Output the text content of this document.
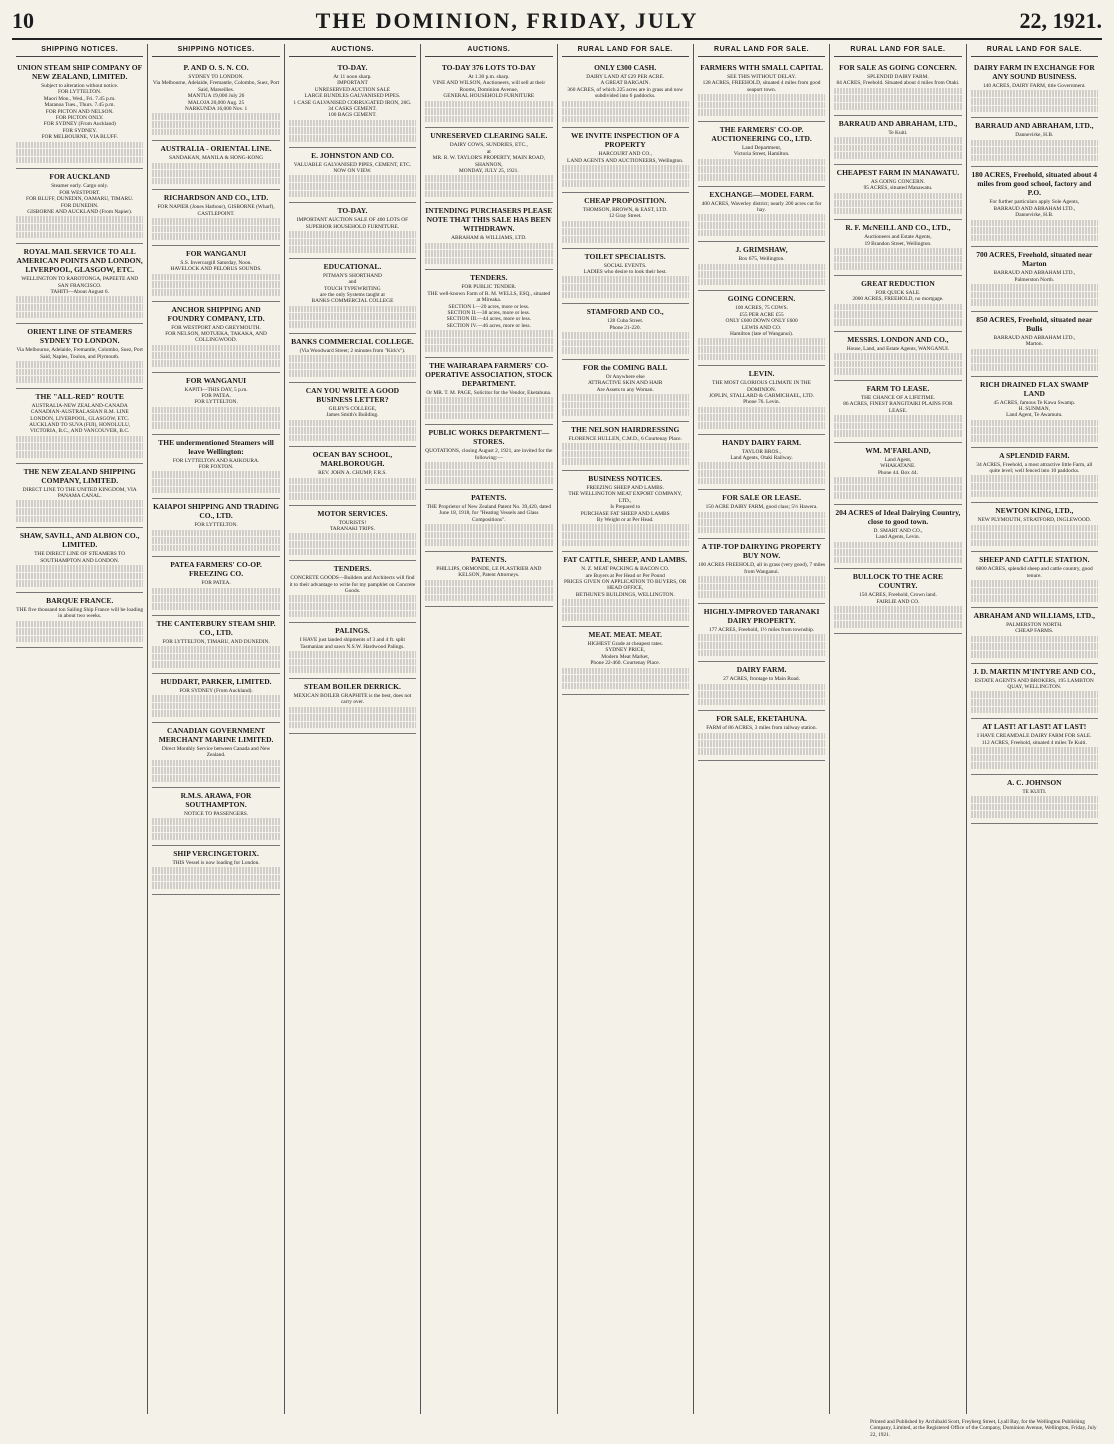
10	THE DOMINION, FRIDAY, JULY	22, 1921.
SHIPPING NOTICES.
UNION STEAM SHIP COMPANY OF NEW ZEALAND, LIMITED.
Subject to alteration without notice.
FOR LYTTELTON.
Maori Mon., Wed., Fri. 7.45 p.m.
Maranoa Tues., Thurs. 7.45 p.m.
FOR PICTON AND NELSON.
FOR PICTON ONLY.
FOR SYDNEY (From Auckland)
FOR SYDNEY.
FOR MELBOURNE, VIA BLUFF.
FOR AUCKLAND
Steamer early. Cargo only.
FOR WESTPORT.
FOR BLUFF, DUNEDIN, OAMARU, TIMARU.
FOR DUNEDIN.
GISBORNE AND AUCKLAND (From Napier).
ROYAL MAIL SERVICE TO ALL AMERICAN POINTS AND LONDON, LIVERPOOL, GLASGOW, ETC.
WELLINGTON TO RAROTONGA, PAPEETE AND SAN FRANCISCO.
TAHITI—About August 6.
ORIENT LINE OF STEAMERS SYDNEY TO LONDON.
Via Melbourne, Adelaide, Fremantle, Colombo, Suez, Port Said, Naples, Toulon, and Plymouth.
THE "ALL-RED" ROUTE
AUSTRALIA-NEW ZEALAND-CANADA
CANADIAN-AUSTRALASIAN R.M. LINE
LONDON, LIVERPOOL, GLASGOW, ETC.
AUCKLAND TO SUVA (FIJI), HONOLULU, VICTORIA, B.C., AND VANCOUVER, B.C.
THE NEW ZEALAND SHIPPING COMPANY, LIMITED.
DIRECT LINE TO THE UNITED KINGDOM, VIA PANAMA CANAL.
SHAW, SAVILL, AND ALBION CO., LIMITED.
THE DIRECT LINE OF STEAMERS TO SOUTHAMPTON AND LONDON.
BARQUE FRANCE.
THE five thousand ton Sailing Ship France will be loading in about two weeks.
SHIPPING NOTICES.
P. AND O. S. N. CO.
SYDNEY TO LONDON.
Via Melbourne, Adelaide, Fremantle, Colombo, Suez, Port Said, Marseilles.
MANTUA 19,000 July 26
MALOJA 20,000 Aug. 25
NARKUNDA 16,000 Nov. 1
AUSTRALIA - ORIENTAL LINE.
SANDAKAN, MANILA & HONG-KONG
RICHARDSON AND CO., LTD.
FOR NAPIER (Jones Harbour), GISBORNE (Wharf), CASTLEPOINT.
FOR WANGANUI
S.S. Invercargill Saturday, Noon.
HAVELOCK AND PELORUS SOUNDS.
ANCHOR SHIPPING AND FOUNDRY COMPANY, LTD.
FOR WESTPORT AND GREYMOUTH.
FOR NELSON, MOTUEKA, TAKAKA, AND COLLINGWOOD.
FOR WANGANUI
KAPITI—THIS DAY, 5 p.m.
FOR PATEA.
FOR LYTTELTON.
THE undermentioned Steamers will leave Wellington:
FOR LYTTELTON AND KAIKOURA.
FOR FOXTON.
KAIAPOI SHIPPING AND TRADING CO., LTD.
FOR LYTTELTON.
PATEA FARMERS' CO-OP. FREEZING CO.
FOR PATEA.
THE CANTERBURY STEAM SHIP. CO., LTD.
FOR LYTTELTON, TIMARU, AND DUNEDIN.
HUDDART, PARKER, LIMITED.
FOR SYDNEY (From Auckland).
CANADIAN GOVERNMENT MERCHANT MARINE LIMITED.
Direct Monthly Service between Canada and New Zealand.
R.M.S. ARAWA, FOR SOUTHAMPTON.
NOTICE TO PASSENGERS.
SHIP VERCINGETORIX.
THIS Vessel is now loading for London.
AUCTIONS.
TO-DAY.
At 11 noon sharp.
IMPORTANT
UNRESERVED AUCTION SALE
LARGE BUNDLES GALVANISED PIPES.
1 CASE GALVANISED CORRUGATED IRON, 26G.
34 CASKS CEMENT.
100 BAGS CEMENT.
E. JOHNSTON AND CO.
VALUABLE GALVANISED PIPES, CEMENT, ETC.
NOW ON VIEW.
TO-DAY.
IMPORTANT AUCTION SALE OF 400 LOTS OF SUPERIOR HOUSEHOLD FURNITURE.
EDUCATIONAL.
PITMAN'S SHORTHAND
and
TOUCH TYPEWRITING
are the only Systems taught at
BANKS COMMERCIAL COLLEGE
BANKS COMMERCIAL COLLEGE.
(Via Woodward Street; 2 minutes from "Kirk's").
CAN YOU WRITE A GOOD BUSINESS LETTER?
GILBY'S COLLEGE,
James Smith's Building.
OCEAN BAY SCHOOL, MARLBOROUGH.
REV. JOHN A. CHUMP, F.R.S.
MOTOR SERVICES.
TOURISTS!
TARANAKI TRIPS.
TENDERS.
CONCRETE GOODS—Builders and Architects will find it to their advantage to write for my pamphlet on Concrete Goods.
PALINGS.
I HAVE just landed shipments of 3 and 4 ft. split Tasmanian and sawn N.S.W. Hardwood Palings.
STEAM BOILER DERRICK.
MEXICAN BOILER GRAPHITE is the best, does not carry over.
AUCTIONS.
TO-DAY 376 LOTS TO-DAY
At 1.30 p.m. sharp.
VINE AND WILSON, Auctioneers, will sell at their Rooms, Dominion Avenue,
GENERAL HOUSEHOLD FURNITURE
UNRESERVED CLEARING SALE.
DAIRY COWS, SUNDRIES, ETC.,
at
MR. R. W. TAYLOR'S PROPERTY, MAIN ROAD, SHANNON,
MONDAY, JULY 25, 1921.
INTENDING PURCHASERS PLEASE NOTE THAT THIS SALE HAS BEEN WITHDRAWN.
ABRAHAM & WILLIAMS, LTD.
TENDERS.
FOR PUBLIC TENDER.
THE well-known Farm of R. M. WELLS, ESQ., situated at Mireaka.
SECTION I.—20 acres, more or less.
SECTION II.—38 acres, more or less.
SECTION III.—44 acres, more or less.
SECTION IV.—46 acres, more or less.
THE WAIRARAPA FARMERS' CO-OPERATIVE ASSOCIATION, STOCK DEPARTMENT.
Or MR. T. M. PAGE, Solicitor for the Vendor, Eketahuna.
PUBLIC WORKS DEPARTMENT—STORES.
QUOTATIONS, closing August 2, 1921, are invited for the following:—
PATENTS.
THE Proprietor of New Zealand Patent No. 39,420, dated June 18, 1918, for "Heating Vessels and Glass Compositions".
PATENTS.
PHILLIPS, ORMONDE, LE PLASTRIER AND KELSON, Patent Attorneys.
RURAL LAND FOR SALE.
ONLY £300 CASH.
DAIRY LAND AT £29 PER ACRE.
A GREAT BARGAIN.
360 ACRES, of which 225 acres are in grass and now subdivided into 6 paddocks.
WE INVITE INSPECTION OF A PROPERTY
HARCOURT AND CO.,
LAND AGENTS AND AUCTIONEERS, Wellington.
CHEAP PROPOSITION.
THOMSON, BROWN, & EAST, LTD.
12 Gray Street.
TOILET SPECIALISTS.
SOCIAL EVENTS.
LADIES who desire to look their best.
STAMFORD AND CO.,
128 Cuba Street.
Phone 21-220.
FOR the COMING BALL
Or Anywhere else
ATTRACTIVE SKIN AND HAIR
Are Assets to any Woman.
THE NELSON HAIRDRESSING
FLORENCE HULLEN, C.M.D., 6 Courtenay Place.
BUSINESS NOTICES.
FREEZING SHEEP AND LAMBS.
THE WELLINGTON MEAT EXPORT COMPANY, LTD.,
Is Prepared to
PURCHASE FAT SHEEP AND LAMBS
By Weight or at Per Head.
FAT CATTLE, SHEEP, AND LAMBS.
N. Z. MEAT PACKING & BACON CO.
are Buyers at Per Head or Per Pound
PRICES GIVEN ON APPLICATION TO BUYERS, OR
HEAD OFFICE,
BETHUNE'S BUILDINGS, WELLINGTON.
MEAT. MEAT. MEAT.
HIGHEST Grade at cheapest rates.
SYDNEY PRICE,
Modern Meat Market,
Phone 22-460. Courtenay Place.
RURAL LAND FOR SALE.
FARMERS WITH SMALL CAPITAL
SEE THIS WITHOUT DELAY.
128 ACRES, FREEHOLD, situated 4 miles from good seaport town.
THE FARMERS' CO-OP. AUCTIONEERING CO., LTD.
Land Department,
Victoria Street, Hamilton.
EXCHANGE—MODEL FARM.
400 ACRES, Waverley district; nearly 200 acres cut for hay.
J. GRIMSHAW,
Box 675, Wellington.
GOING CONCERN.
100 ACRES, 75 COWS.
£55 PER ACRE £55
ONLY £600 DOWN ONLY £600
LEWIS AND CO.
Hamilton (late of Wanganui).
LEVIN.
THE MOST GLORIOUS CLIMATE IN THE DOMINION.
JOPLIN, STALLARD & CARMICHAEL, LTD.
Phone 76. Levin.
HANDY DAIRY FARM.
TAYLOR BROS.,
Land Agents, Otaki Railway.
FOR SALE OR LEASE.
150 ACRE DAIRY FARM, good class; 5½ Hawera.
A TIP-TOP DAIRYING PROPERTY BUY NOW.
100 ACRES FREEHOLD, all in grass (very good), 7 miles from Wanganui.
HIGHLY-IMPROVED TARANAKI DAIRY PROPERTY.
177 ACRES, Freehold, 1½ miles from township.
DAIRY FARM.
27 ACRES, frontage to Main Road.
FOR SALE, EKETAHUNA.
FARM of 86 ACRES, 3 miles from railway station.
RURAL LAND FOR SALE.
FOR SALE AS GOING CONCERN.
SPLENDID DAIRY FARM.
84 ACRES, Freehold. Situated about 4 miles from Otaki.
BARRAUD AND ABRAHAM, LTD.,
Te Kuiti.
CHEAPEST FARM IN MANAWATU.
AS GOING CONCERN.
95 ACRES, situated Manawatu.
R. F. McNEILL AND CO., LTD.,
Auctioneers and Estate Agents,
19 Brandon Street, Wellington.
GREAT REDUCTION
FOR QUICK SALE.
2000 ACRES, FREEHOLD, no mortgage.
MESSRS. LONDON AND CO.,
House, Land, and Estate Agents, WANGANUI.
FARM TO LEASE.
THE CHANCE OF A LIFETIME.
86 ACRES, FINEST RANGITAIKI PLAINS FOR LEASE.
WM. M'FARLAND,
Land Agent,
WHAKATANE.
Phone 44. Box 44.
204 ACRES of Ideal Dairying Country, close to good town.
D. SMART AND CO.,
Land Agents, Levin.
BULLOCK TO THE ACRE COUNTRY.
150 ACRES, Freehold, Crown land.
FAIRLIE AND CO.
RURAL LAND FOR SALE.
DAIRY FARM IN EXCHANGE FOR ANY SOUND BUSINESS.
140 ACRES, DAIRY FARM, title Government.
BARRAUD AND ABRAHAM, LTD.,
Dannevirke, H.B.
180 ACRES, Freehold, situated about 4 miles from good school, factory and P.O.
For further particulars apply Sole Agents,
BARRAUD AND ABRAHAM LTD.,
Dannevirke, H.B.
700 ACRES, Freehold, situated near Marton
BARRAUD AND ABRAHAM LTD.,
Palmerston North.
850 ACRES, Freehold, situated near Bulls
BARRAUD AND ABRAHAM LTD.,
Marton.
RICH DRAINED FLAX SWAMP LAND
45 ACRES, famous Te Kawa Swamp.
H. SUNMAN,
Land Agent, Te Awamutu.
A SPLENDID FARM.
34 ACRES, Freehold, a most attractive little Farm, all quite level; well fenced into 10 paddocks.
NEWTON KING, LTD.,
NEW PLYMOUTH, STRATFORD, INGLEWOOD.
SHEEP AND CATTLE STATION.
6800 ACRES, splendid sheep and cattle country, good tenure.
ABRAHAM AND WILLIAMS, LTD.,
PALMERSTON NORTH.
CHEAP FARMS.
J. D. MARTIN M'INTYRE AND CO.,
ESTATE AGENTS AND BROKERS, 195 LAMBTON QUAY, WELLINGTON.
AT LAST! AT LAST! AT LAST!
I HAVE CREAMDALE DAIRY FARM FOR SALE.
112 ACRES, Freehold, situated 4 miles Te Kuiti.
A. C. JOHNSON
TE KUITI.
Printed and Published by Archibald Scott, Freyberg Street, Lyall Bay, for the Wellington Publishing Company, Limited, at the Registered Office of the Company, Dominion Avenue, Wellington, Friday, July 22, 1921.
